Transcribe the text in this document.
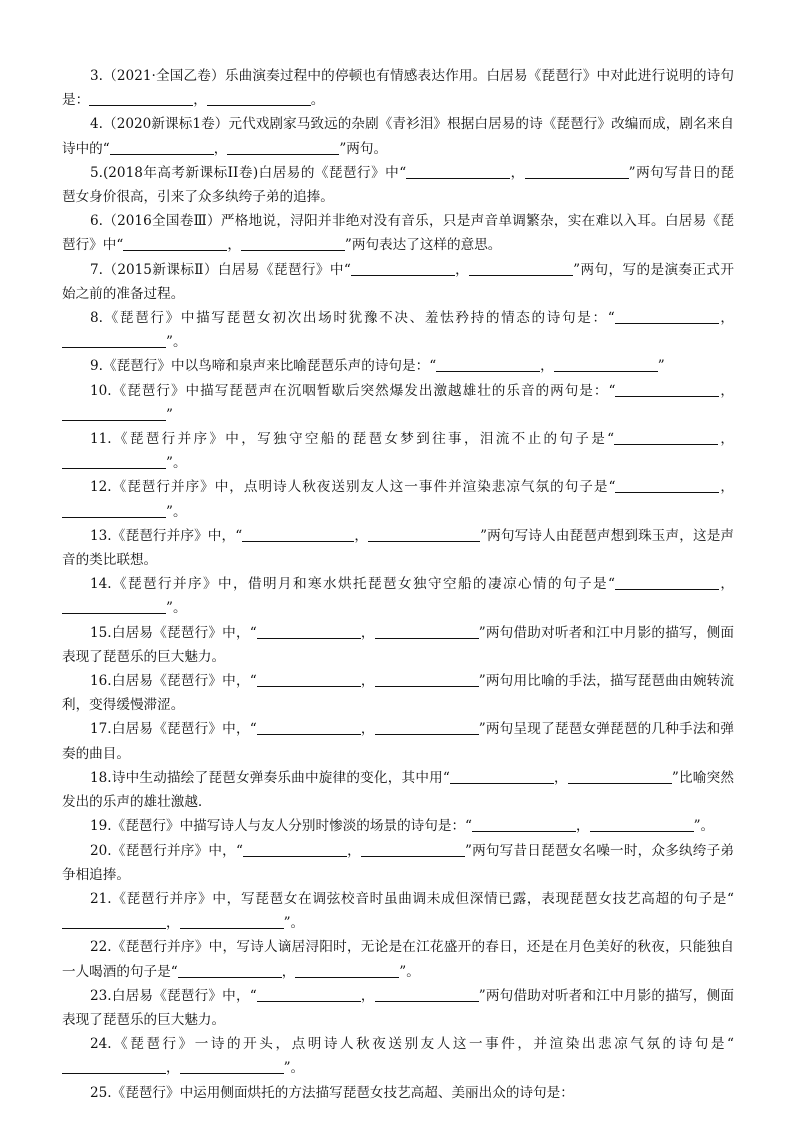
3.（2021·全国乙卷）乐曲演奏过程中的停顿也有情感表达作用。白居易《琵琶行》中对此进行说明的诗句是：	，	。

4.（2020新课标1卷）元代戏剧家马致远的杂剧《青衫泪》根据白居易的诗《琵琶行》改编而成，剧名来自诗中的“	，	”两句。

5.(2018年高考新课标II卷)白居易的《琵琶行》中“	，	”两句写昔日的琵琶女身价很高，引来了众多纨绔子弟的追捧。

6.（2016全国卷Ⅲ）严格地说，浔阳并非绝对没有音乐，只是声音单调繁杂，实在难以入耳。白居易《琵琶行》中“	，	”两句表达了这样的意思。

7.（2015新课标Ⅱ）白居易《琵琶行》中“	，	”两句，写的是演奏正式开始之前的准备过程。

8.《琵琶行》中描写琵琶女初次出场时犹豫不决、羞怯矜持的情态的诗句是：“	，”。

9.《琵琶行》中以鸟啼和泉声来比喻琵琶乐声的诗句是：“	，	”

10.《琵琶行》中描写琵琶声在沉咽暂歇后突然爆发出激越雄壮的乐音的两句是：“	，”

11.《琵琶行并序》中，写独守空船的琵琶女梦到往事，泪流不止的句子是“	，”。

12.《琵琶行并序》中，点明诗人秋夜送别友人这一事件并渲染悲凉气氛的句子是“	，”。

13.《琵琶行并序》中，“	，	”两句写诗人由琵琶声想到珠玉声，这是声音的类比联想。

14.《琵琶行并序》中，借明月和寒水烘托琵琶女独守空船的凄凉心情的句子是“	，”。

15.白居易《琵琶行》中，“	，	”两句借助对听者和江中月影的描写，侧面表现了琵琶乐的巨大魅力。

16.白居易《琵琶行》中，“	，	”两句用比喻的手法，描写琵琶曲由婉转流利，变得缓慢滞涩。

17.白居易《琵琶行》中，“	，	”两句呈现了琵琶女弹琵琶的几种手法和弹奏的曲目。

18.诗中生动描绘了琵琶女弹奏乐曲中旋律的变化，其中用“	，	”比喻突然发出的乐声的雄壮激越.

19.《琵琶行》中描写诗人与友人分别时惨淡的场景的诗句是：“	，	”。

20.《琵琶行并序》中，“	，	”两句写昔日琵琶女名噪一时，众多纨绔子弟争相追捧。

21.《琵琶行并序》中，写琵琶女在调弦校音时虽曲调未成但深情已露，表现琵琶女技艺高超的句子是“，	”。

22.《琵琶行并序》中，写诗人谪居浔阳时，无论是在江花盛开的春日，还是在月色美好的秋夜，只能独自一人喝酒的句子是“	，	”。

23.白居易《琵琶行》中，“	，	”两句借助对听者和江中月影的描写，侧面表现了琵琶乐的巨大魅力。

24.《琵琶行》一诗的开头，点明诗人秋夜送别友人这一事件，并渲染出悲凉气氛的诗句是“，	”。

25.《琵琶行》中运用侧面烘托的方法描写琵琶女技艺高超、美丽出众的诗句是：
